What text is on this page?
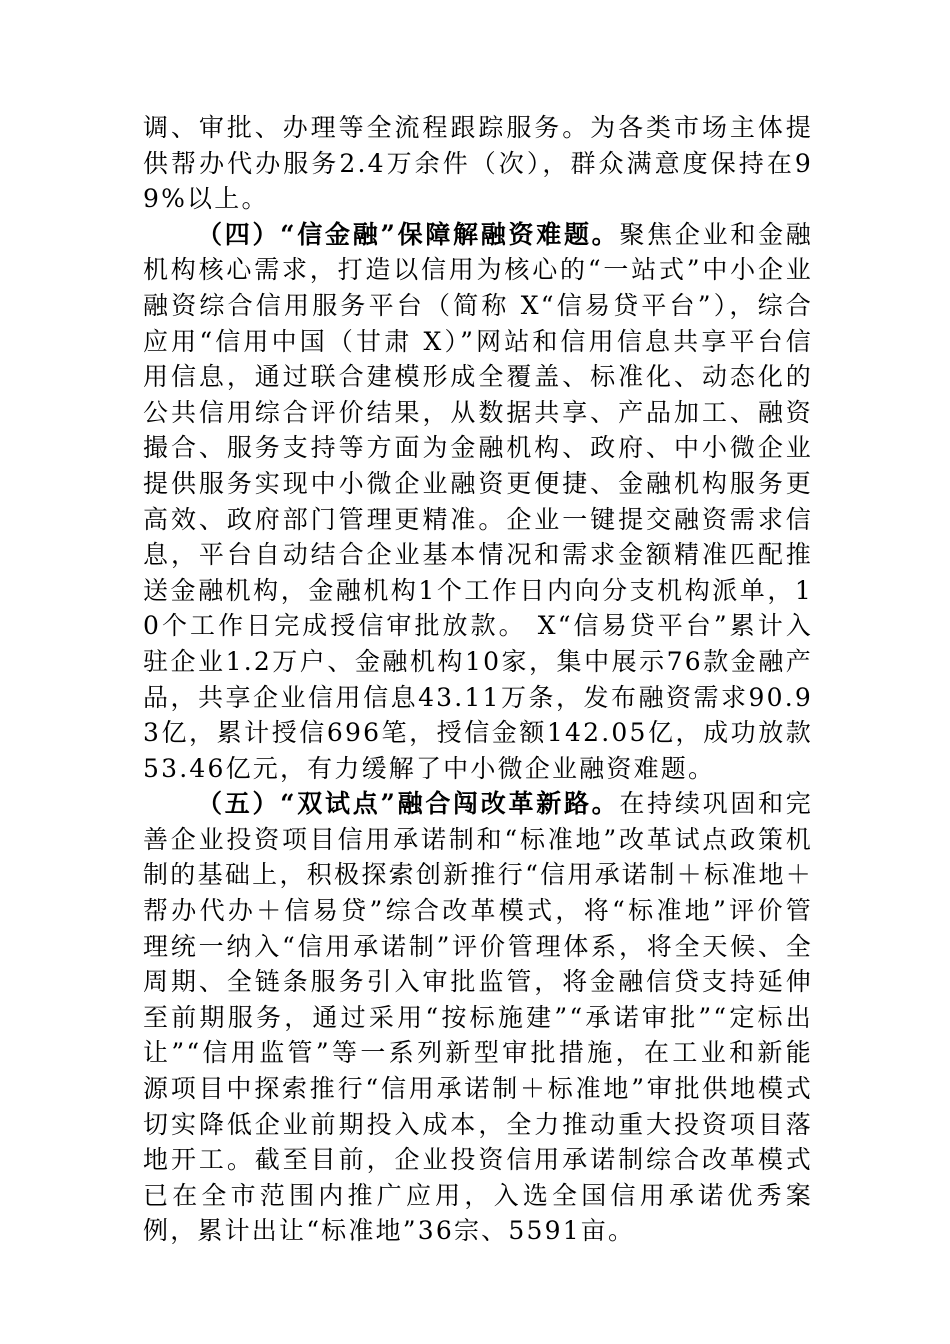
调、审批、办理等全流程跟踪服务。为各类市场主体提供帮办代办服务2.4万余件（次），群众满意度保持在99%以上。

（四）“信金融”保障解融资难题。聚焦企业和金融机构核心需求，打造以信用为核心的“一站式”中小企业融资综合信用服务平台（简称 X“信易贷平台”），综合应用“信用中国（甘肃 X）”网站和信用信息共享平台信用信息，通过联合建模形成全覆盖、标准化、动态化的公共信用综合评价结果，从数据共享、产品加工、融资撮合、服务支持等方面为金融机构、政府、中小微企业提供服务实现中小微企业融资更便捷、金融机构服务更高效、政府部门管理更精准。企业一键提交融资需求信息，平台自动结合企业基本情况和需求金额精准匹配推送金融机构，金融机构1个工作日内向分支机构派单，10个工作日完成授信审批放款。 X“信易贷平台”累计入驻企业1.2万户、金融机构10家，集中展示76款金融产品，共享企业信用信息43.11万条，发布融资需求90.93亿，累计授信696笔，授信金额142.05亿，成功放款53.46亿元，有力缓解了中小微企业融资难题。

（五）“双试点”融合闯改革新路。在持续巩固和完善企业投资项目信用承诺制和“标准地”改革试点政策机制的基础上，积极探索创新推行“信用承诺制＋标准地＋帮办代办＋信易贷”综合改革模式，将“标准地”评价管理统一纳入“信用承诺制”评价管理体系，将全天候、全周期、全链条服务引入审批监管，将金融信贷支持延伸至前期服务，通过采用“按标施建”“承诺审批”“定标出让”“信用监管”等一系列新型审批措施，在工业和新能源项目中探索推行“信用承诺制＋标准地”审批供地模式切实降低企业前期投入成本，全力推动重大投资项目落地开工。截至目前，企业投资信用承诺制综合改革模式已在全市范围内推广应用，入选全国信用承诺优秀案例，累计出让“标准地”36宗、5591亩。
